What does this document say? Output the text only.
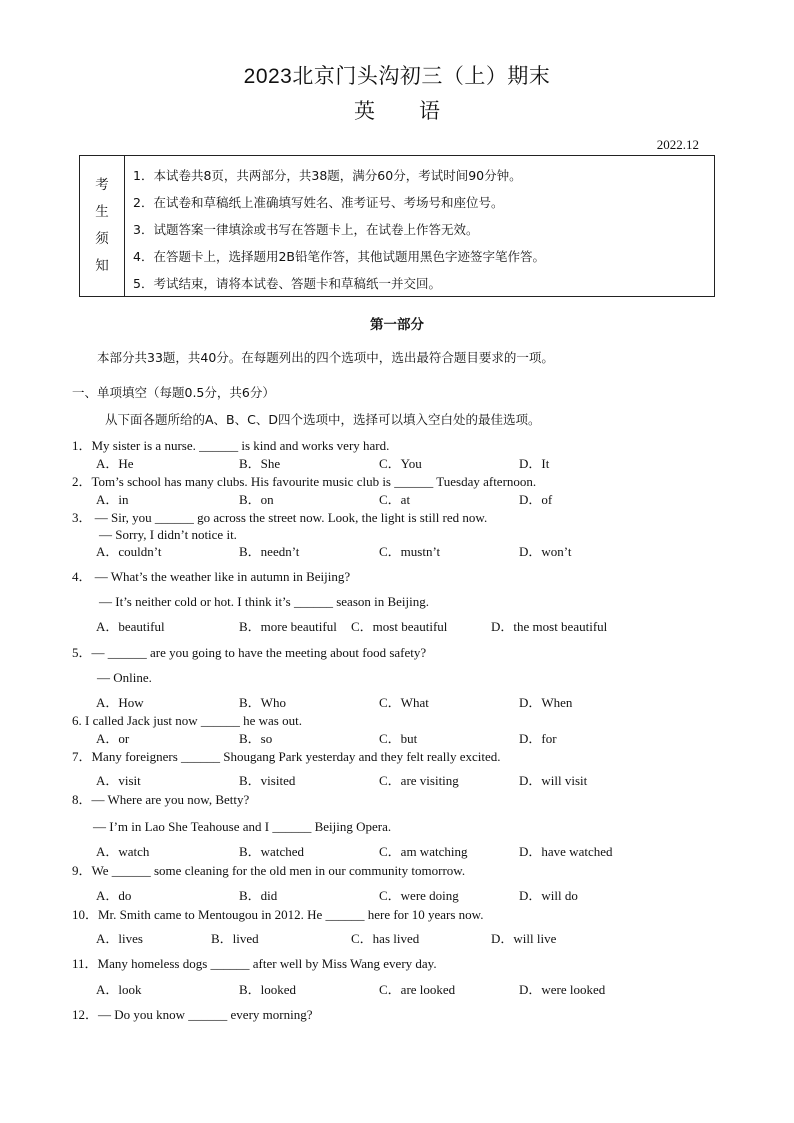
2023北京门头沟初三（上）期末
英 语
2022.12
考
生
须
知
1．本试卷共8页，共两部分，共38题，满分60分，考试时间90分钟。
2．在试卷和草稿纸上准确填写姓名、准考证号、考场号和座位号。
3．试题答案一律填涂或书写在答题卡上，在试卷上作答无效。
4．在答题卡上，选择题用2B铅笔作答，其他试题用黑色字迹签字笔作答。
5．考试结束，请将本试卷、答题卡和草稿纸一并交回。
第一部分
本部分共33题，共40分。在每题列出的四个选项中，选出最符合题目要求的一项。
一、单项填空（每题0.5分，共6分）
从下面各题所给的A、B、C、D四个选项中，选择可以填入空白处的最佳选项。
1．My sister is a nurse. ______ is kind and works very hard.
A．He	B．She	C．You	D．It
2．Tom’s school has many clubs. His favourite music club is ______ Tuesday afternoon.
A．in	B．on	C．at	D．of
3． — Sir, you ______ go across the street now. Look, the light is still red now.
— Sorry, I didn’t notice it.
A．couldn’t	B．needn’t	C．mustn’t	D．won’t
4． — What’s the weather like in autumn in Beijing?
— It’s neither cold or hot. I think it’s ______ season in Beijing.
A．beautiful	B．more beautiful C．most beautiful	D．the most beautiful
5．— ______ are you going to have the meeting about food safety?
— Online.
A．How	B．Who	C．What	D．When
6. I called Jack just now ______ he was out.
A．or	B．so	C．but	D．for
7．Many foreigners ______ Shougang Park yesterday and they felt really excited.
A．visit	B．visited	C．are visiting	D．will visit
8．— Where are you now, Betty?
— I’m in Lao She Teahouse and I ______ Beijing Opera.
A．watch	B．watched	C．am watching	D．have watched
9．We ______ some cleaning for the old men in our community tomorrow.
A．do	B．did	C．were doing	D．will do
10．Mr. Smith came to Mentougou in 2012. He ______ here for 10 years now.
A．lives	B．lived	C．has lived	D．will live
11．Many homeless dogs ______ after well by Miss Wang every day.
A．look	B．looked	C．are looked	D．were looked
12．— Do you know ______ every morning?
